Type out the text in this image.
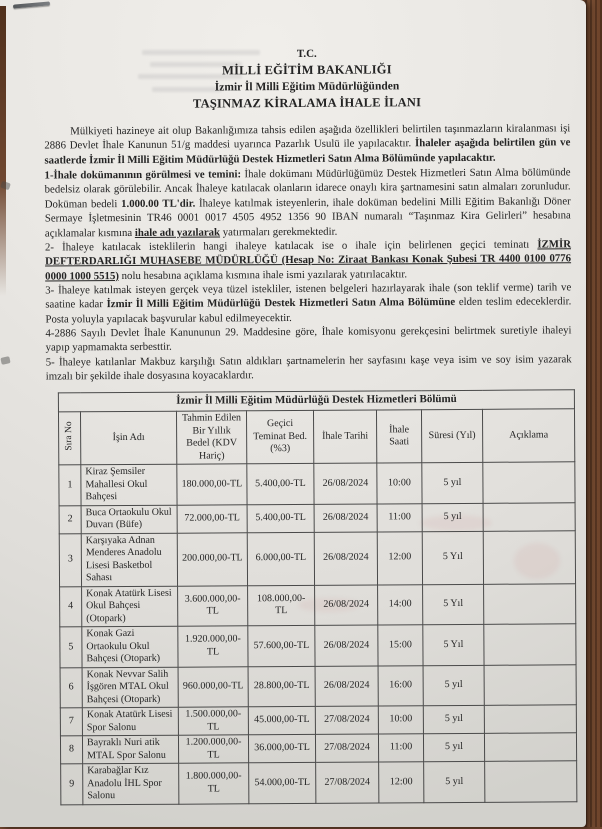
T.C.
MİLLİ EĞİTİM BAKANLIĞI
İzmir İl Milli Eğitim Müdürlüğünden
TAŞINMAZ KİRALAMA İHALE İLANI

Mülkiyeti hazineye ait olup Bakanlığımıza tahsis edilen aşağıda özellikleri belirtilen taşınmazların kiralanması işi 2886 Devlet İhale Kanunun 51/g maddesi uyarınca Pazarlık Usulü ile yapılacaktır. İhaleler aşağıda belirtilen gün ve saatlerde İzmir İl Milli Eğitim Müdürlüğü Destek Hizmetleri Satın Alma Bölümünde yapılacaktır.

1-İhale dokümanının görülmesi ve temini: İhale dokümanı Müdürlüğümüz Destek Hizmetleri Satın Alma bölümünde bedelsiz olarak görülebilir. Ancak İhaleye katılacak olanların idarece onaylı kira şartnamesini satın almaları zorunludur. Doküman bedeli 1.000.00 TL'dir. İhaleye katılmak isteyenlerin, ihale doküman bedelini Milli Eğitim Bakanlığı Döner Sermaye İşletmesinin TR46 0001 0017 4505 4952 1356 90 IBAN numaralı “Taşınmaz Kira Gelirleri” hesabına açıklamalar kısmına ihale adı yazılarak yatırmaları gerekmektedir.

2- İhaleye katılacak isteklilerin hangi ihaleye katılacak ise o ihale için belirlenen geçici teminatı İZMİR DEFTERDARLIĞI MUHASEBE MÜDÜRLÜĞÜ (Hesap No: Ziraat Bankası Konak Şubesi TR 4400 0100 0776 0000 1000 5515) nolu hesabına açıklama kısmına ihale ismi yazılarak yatırılacaktır.

3- İhaleye katılmak isteyen gerçek veya tüzel istekliler, istenen belgeleri hazırlayarak ihale (son teklif verme) tarih ve saatine kadar İzmir İl Milli Eğitim Müdürlüğü Destek Hizmetleri Satın Alma Bölümüne elden teslim edeceklerdir. Posta yoluyla yapılacak başvurular kabul edilmeyecektir.

4-2886 Sayılı Devlet İhale Kanununun 29. Maddesine göre, İhale komisyonu gerekçesini belirtmek suretiyle ihaleyi yapıp yapmamakta serbesttir.

5- İhaleye katılanlar Makbuz karşılığı Satın aldıkları şartnamelerin her sayfasını kaşe veya isim ve soy isim yazarak imzalı bir şekilde ihale dosyasına koyacaklardır.

İzmir İl Milli Eğitim Müdürlüğü Destek Hizmetleri Bölümü							
Sıra No	İşin Adı	Tahmin Edilen Bir Yıllık Bedel (KDV Hariç)	Geçici Teminat Bed.(%3)	İhale Tarihi	İhale Saati	Süresi (Yıl)	Açıklama
1	Kiraz Şemsiler Mahallesi Okul Bahçesi	180.000,00-TL	5.400,00-TL	26/08/2024	10:00	5 yıl	
2	Buca Ortaokulu Okul Duvarı (Büfe)	72.000,00-TL	5.400,00-TL	26/08/2024	11:00	5 yıl	
3	Karşıyaka Adnan Menderes Anadolu Lisesi Basketbol Sahası	200.000,00-TL	6.000,00-TL	26/08/2024	12:00	5 Yıl	
4	Konak Atatürk Lisesi Okul Bahçesi (Otopark)	3.600.000,00-TL	108.000,00-TL	26/08/2024	14:00	5 Yıl	
5	Konak Gazi Ortaokulu Okul Bahçesi (Otopark)	1.920.000,00-TL	57.600,00-TL	26/08/2024	15:00	5 Yıl	
6	Konak Nevvar Salih İşgören MTAL Okul Bahçesi (Otopark)	960.000,00-TL	28.800,00-TL	26/08/2024	16:00	5 yıl	
7	Konak Atatürk Lisesi Spor Salonu	1.500.000,00-TL	45.000,00-TL	27/08/2024	10:00	5 yıl	
8	Bayraklı Nuri atik MTAL Spor Salonu	1.200.000,00-TL	36.000,00-TL	27/08/2024	11:00	5 yıl	
9	Karabağlar Kız Anadolu İHL Spor Salonu	1.800.000,00-TL	54.000,00-TL	27/08/2024	12:00	5 yıl	
